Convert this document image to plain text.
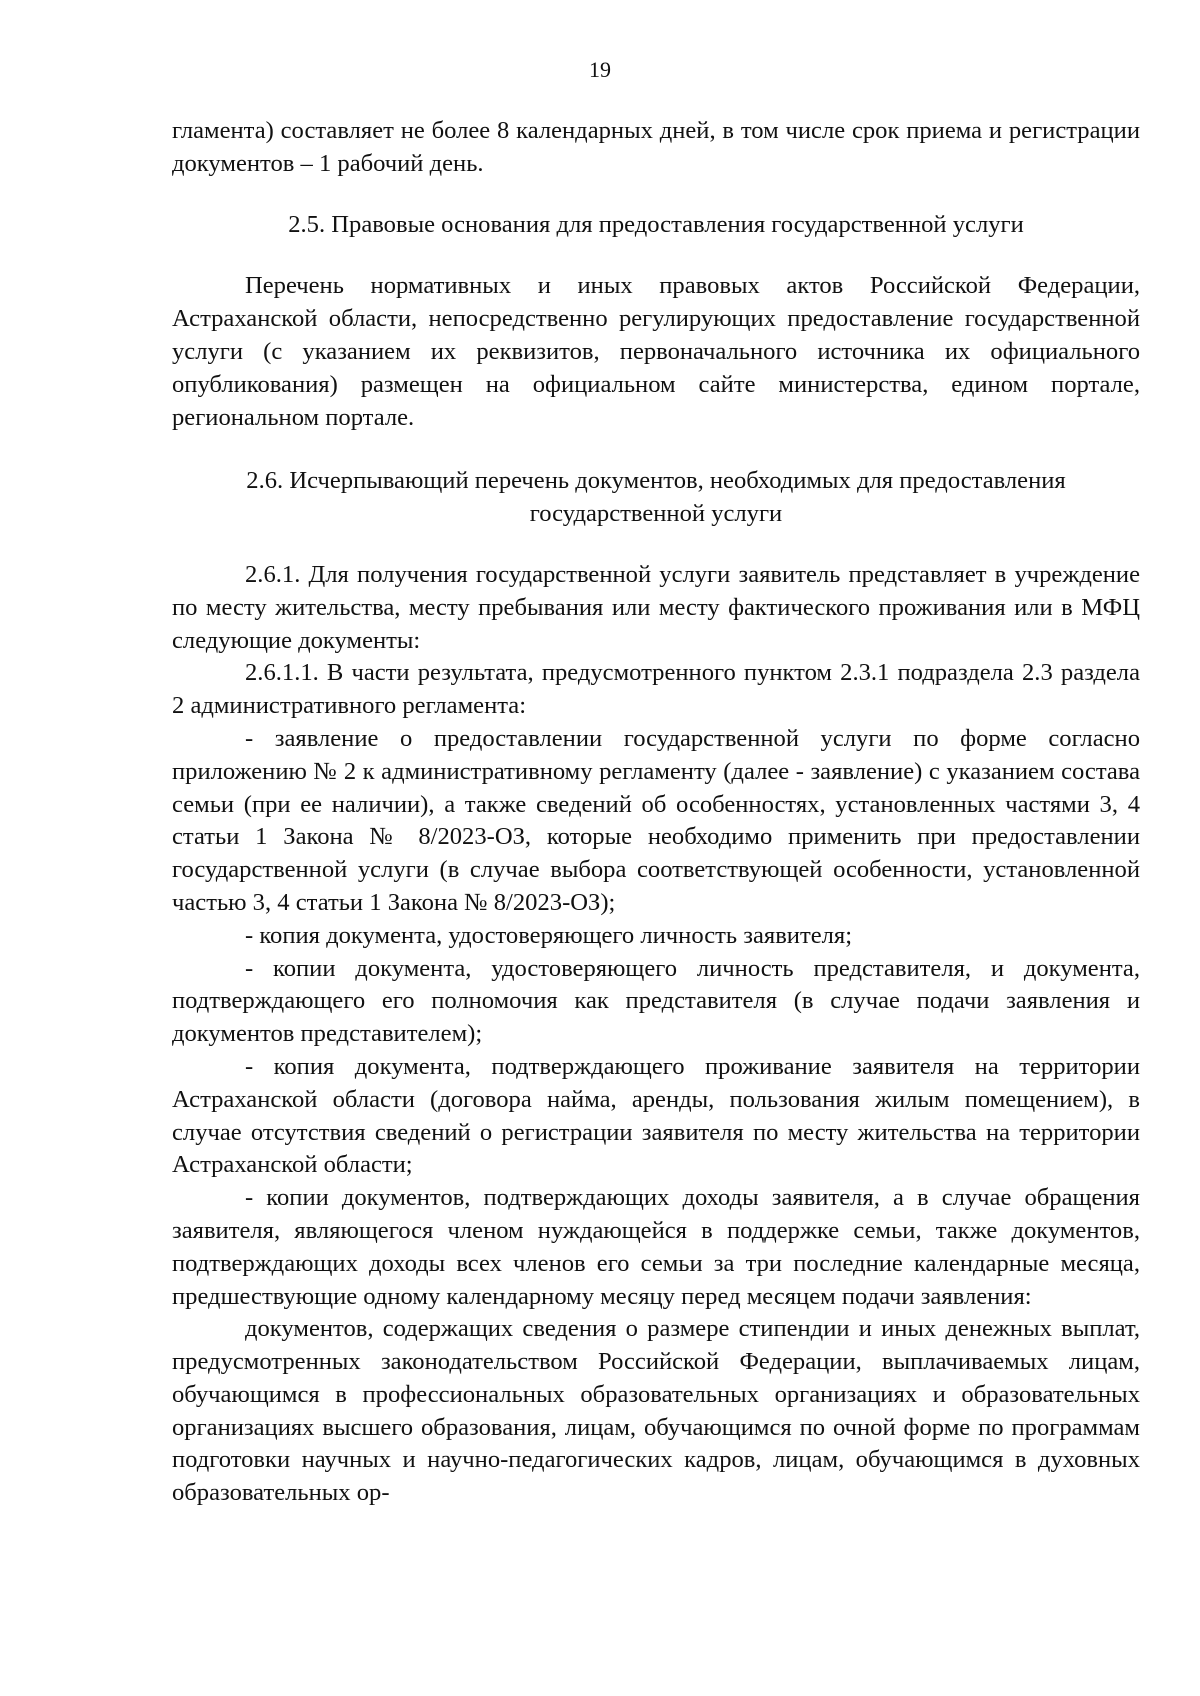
19

гламента) составляет не более 8 календарных дней, в том числе срок приема и регистрации документов – 1 рабочий день.

2.5. Правовые основания для предоставления государственной услуги

Перечень нормативных и иных правовых актов Российской Федерации, Астраханской области, непосредственно регулирующих предоставление государственной услуги (с указанием их реквизитов, первоначального источника их официального опубликования) размещен на официальном сайте министерства, едином портале, региональном портале.

2.6. Исчерпывающий перечень документов, необходимых для предоставления государственной услуги

2.6.1. Для получения государственной услуги заявитель представляет в учреждение по месту жительства, месту пребывания или месту фактического проживания или в МФЦ следующие документы:

2.6.1.1. В части результата, предусмотренного пунктом 2.3.1 подраздела 2.3 раздела 2 административного регламента:

- заявление о предоставлении государственной услуги по форме согласно приложению № 2 к административному регламенту (далее - заявление) с указанием состава семьи (при ее наличии), а также сведений об особенностях, установленных частями 3, 4 статьи 1 Закона № 8/2023-ОЗ, которые необходимо применить при предоставлении государственной услуги (в случае выбора соответствующей особенности, установленной частью 3, 4 статьи 1 Закона № 8/2023-ОЗ);

- копия документа, удостоверяющего личность заявителя;

- копии документа, удостоверяющего личность представителя, и документа, подтверждающего его полномочия как представителя (в случае подачи заявления и документов представителем);

- копия документа, подтверждающего проживание заявителя на территории Астраханской области (договора найма, аренды, пользования жилым помещением), в случае отсутствия сведений о регистрации заявителя по месту жительства на территории Астраханской области;

- копии документов, подтверждающих доходы заявителя, а в случае обращения заявителя, являющегося членом нуждающейся в поддержке семьи, также документов, подтверждающих доходы всех членов его семьи за три последние календарные месяца, предшествующие одному календарному месяцу перед месяцем подачи заявления:

документов, содержащих сведения о размере стипендии и иных денежных выплат, предусмотренных законодательством Российской Федерации, выплачиваемых лицам, обучающимся в профессиональных образовательных организациях и образовательных организациях высшего образования, лицам, обучающимся по очной форме по программам подготовки научных и научно-педагогических кадров, лицам, обучающимся в духовных образовательных ор-
